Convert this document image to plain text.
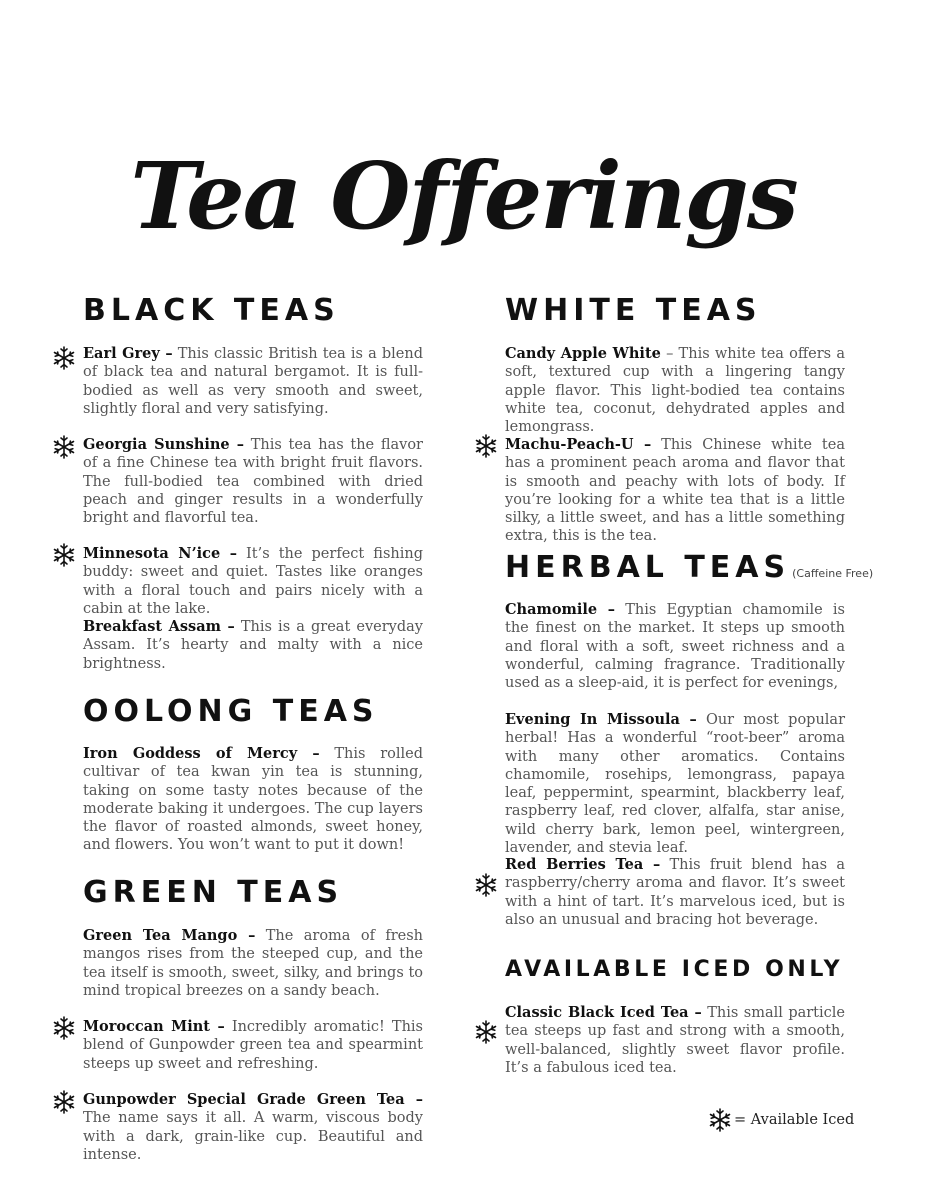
Tea Offerings
BLACK TEAS

Earl Grey – This classic British tea is a blend of black tea and natural bergamot. It is full-bodied as well as very smooth and sweet, slightly floral and very satisfying.

Georgia Sunshine – This tea has the flavor of a fine Chinese tea with bright fruit flavors. The full-bodied tea combined with dried peach and ginger results in a wonderfully bright and flavorful tea.

Minnesota N’ice – It’s the perfect fishing buddy: sweet and quiet. Tastes like oranges with a floral touch and pairs nicely with a cabin at the lake.

Breakfast Assam – This is a great everyday Assam. It’s hearty and malty with a nice brightness.

OOLONG TEAS

Iron Goddess of Mercy – This rolled cultivar of tea kwan yin tea is stunning, taking on some tasty notes because of the moderate baking it undergoes. The cup layers the flavor of roasted almonds, sweet honey, and flowers. You won’t want to put it down!

GREEN TEAS

Green Tea Mango – The aroma of fresh mangos rises from the steeped cup, and the tea itself is smooth, sweet, silky, and brings to mind tropical breezes on a sandy beach.

Moroccan Mint – Incredibly aromatic! This blend of Gunpowder green tea and spearmint steeps up sweet and refreshing.

Gunpowder Special Grade Green Tea – The name says it all. A warm, viscous body with a dark, grain-like cup. Beautiful and intense.

WHITE TEAS

Candy Apple White – This white tea offers a soft, textured cup with a lingering tangy apple flavor. This light-bodied tea contains white tea, coconut, dehydrated apples and lemongrass.

Machu-Peach-U – This Chinese white tea has a prominent peach aroma and flavor that is smooth and peachy with lots of body. If you’re looking for a white tea that is a little silky, a little sweet, and has a little something extra, this is the tea.

HERBAL TEAS (Caffeine Free)

Chamomile – This Egyptian chamomile is the finest on the market. It steps up smooth and floral with a soft, sweet richness and a wonderful, calming fragrance. Traditionally used as a sleep-aid, it is perfect for evenings,

Evening In Missoula – Our most popular herbal! Has a wonderful “root-beer” aroma with many other aromatics. Contains chamomile, rosehips, lemongrass, papaya leaf, peppermint, spearmint, blackberry leaf, raspberry leaf, red clover, alfalfa, star anise, wild cherry bark, lemon peel, wintergreen, lavender, and stevia leaf.

Red Berries Tea – This fruit blend has a raspberry/cherry aroma and flavor. It’s sweet with a hint of tart. It’s marvelous iced, but is also an unusual and bracing hot beverage.

AVAILABLE ICED ONLY

Classic Black Iced Tea – This small particle tea steeps up fast and strong with a smooth, well-balanced, slightly sweet flavor profile. It’s a fabulous iced tea.

= Available Iced
